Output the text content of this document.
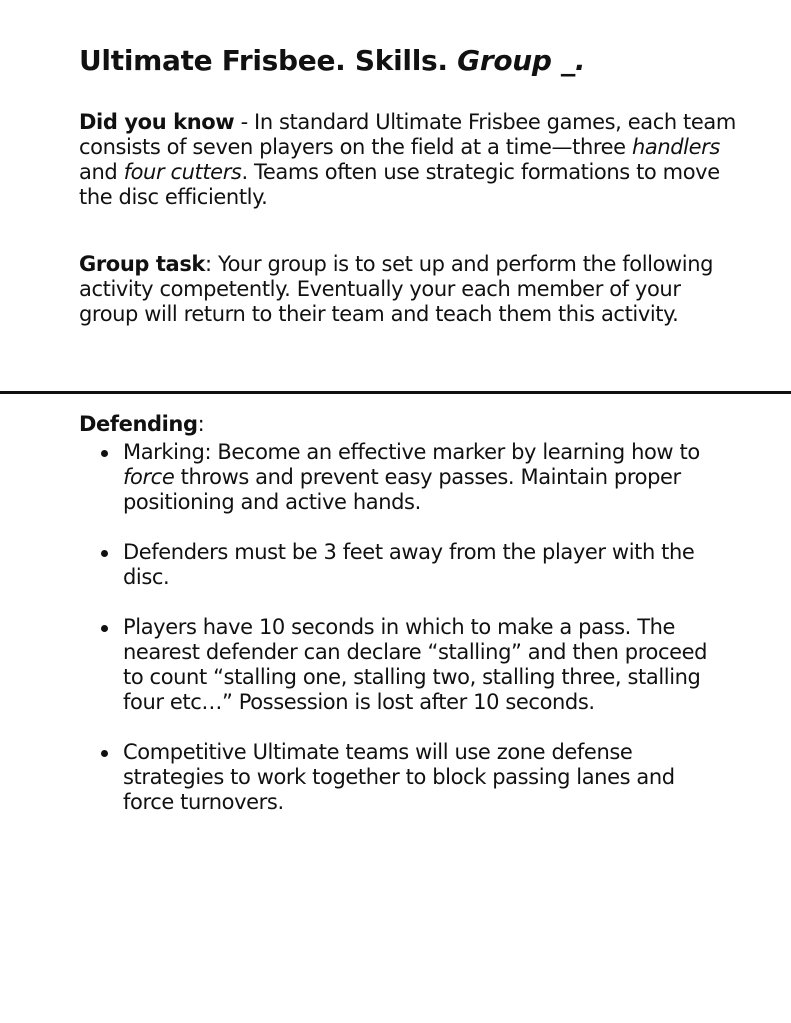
Ultimate Frisbee. Skills. Group _.

Did you know - In standard Ultimate Frisbee games, each team consists of seven players on the field at a time—three handlers and four cutters. Teams often use strategic formations to move the disc efficiently.

Group task: Your group is to set up and perform the following activity competently. Eventually your each member of your group will return to their team and teach them this activity.

Defending:

Marking: Become an effective marker by learning how to force throws and prevent easy passes. Maintain proper positioning and active hands.
Defenders must be 3 feet away from the player with the disc.
Players have 10 seconds in which to make a pass. The nearest defender can declare “stalling” and then proceed to count “stalling one, stalling two, stalling three, stalling four etc…” Possession is lost after 10 seconds.
Competitive Ultimate teams will use zone defense strategies to work together to block passing lanes and force turnovers.
